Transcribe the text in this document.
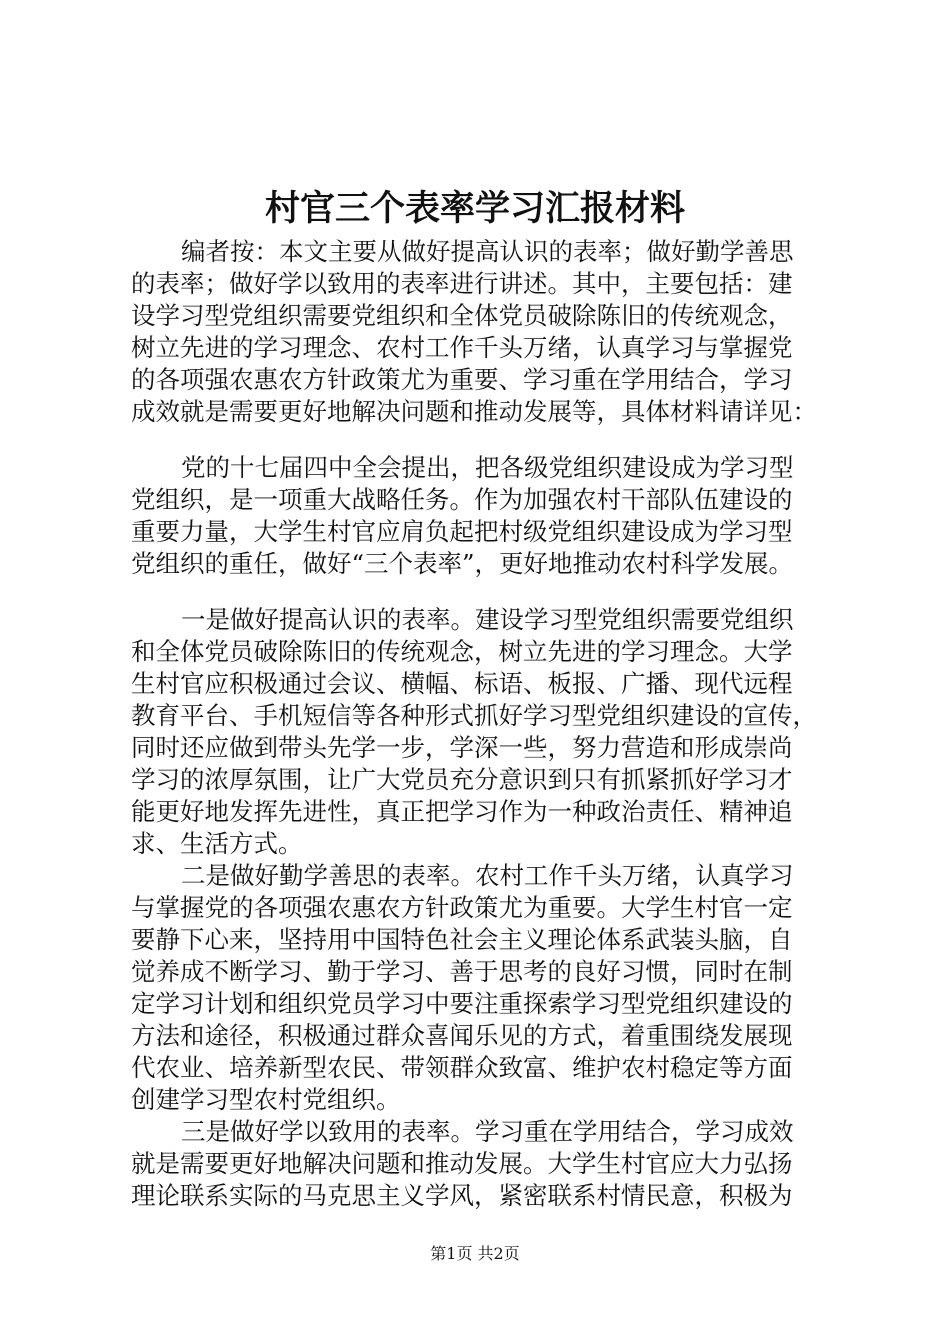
村官三个表率学习汇报材料
编者按：本文主要从做好提高认识的表率；做好勤学善思
的表率；做好学以致用的表率进行讲述。其中，主要包括：建
设学习型党组织需要党组织和全体党员破除陈旧的传统观念，
树立先进的学习理念、农村工作千头万绪，认真学习与掌握党
的各项强农惠农方针政策尤为重要、学习重在学用结合，学习
成效就是需要更好地解决问题和推动发展等，具体材料请详见：
党的十七届四中全会提出，把各级党组织建设成为学习型
党组织，是一项重大战略任务。作为加强农村干部队伍建设的
重要力量，大学生村官应肩负起把村级党组织建设成为学习型
党组织的重任，做好“三个表率”，更好地推动农村科学发展。
一是做好提高认识的表率。建设学习型党组织需要党组织
和全体党员破除陈旧的传统观念，树立先进的学习理念。大学
生村官应积极通过会议、横幅、标语、板报、广播、现代远程
教育平台、手机短信等各种形式抓好学习型党组织建设的宣传，
同时还应做到带头先学一步，学深一些，努力营造和形成崇尚
学习的浓厚氛围，让广大党员充分意识到只有抓紧抓好学习才
能更好地发挥先进性，真正把学习作为一种政治责任、精神追
求、生活方式。
二是做好勤学善思的表率。农村工作千头万绪，认真学习
与掌握党的各项强农惠农方针政策尤为重要。大学生村官一定
要静下心来，坚持用中国特色社会主义理论体系武装头脑，自
觉养成不断学习、勤于学习、善于思考的良好习惯，同时在制
定学习计划和组织党员学习中要注重探索学习型党组织建设的
方法和途径，积极通过群众喜闻乐见的方式，着重围绕发展现
代农业、培养新型农民、带领群众致富、维护农村稳定等方面
创建学习型农村党组织。
三是做好学以致用的表率。学习重在学用结合，学习成效
就是需要更好地解决问题和推动发展。大学生村官应大力弘扬
理论联系实际的马克思主义学风，紧密联系村情民意，积极为
第1页 共2页
